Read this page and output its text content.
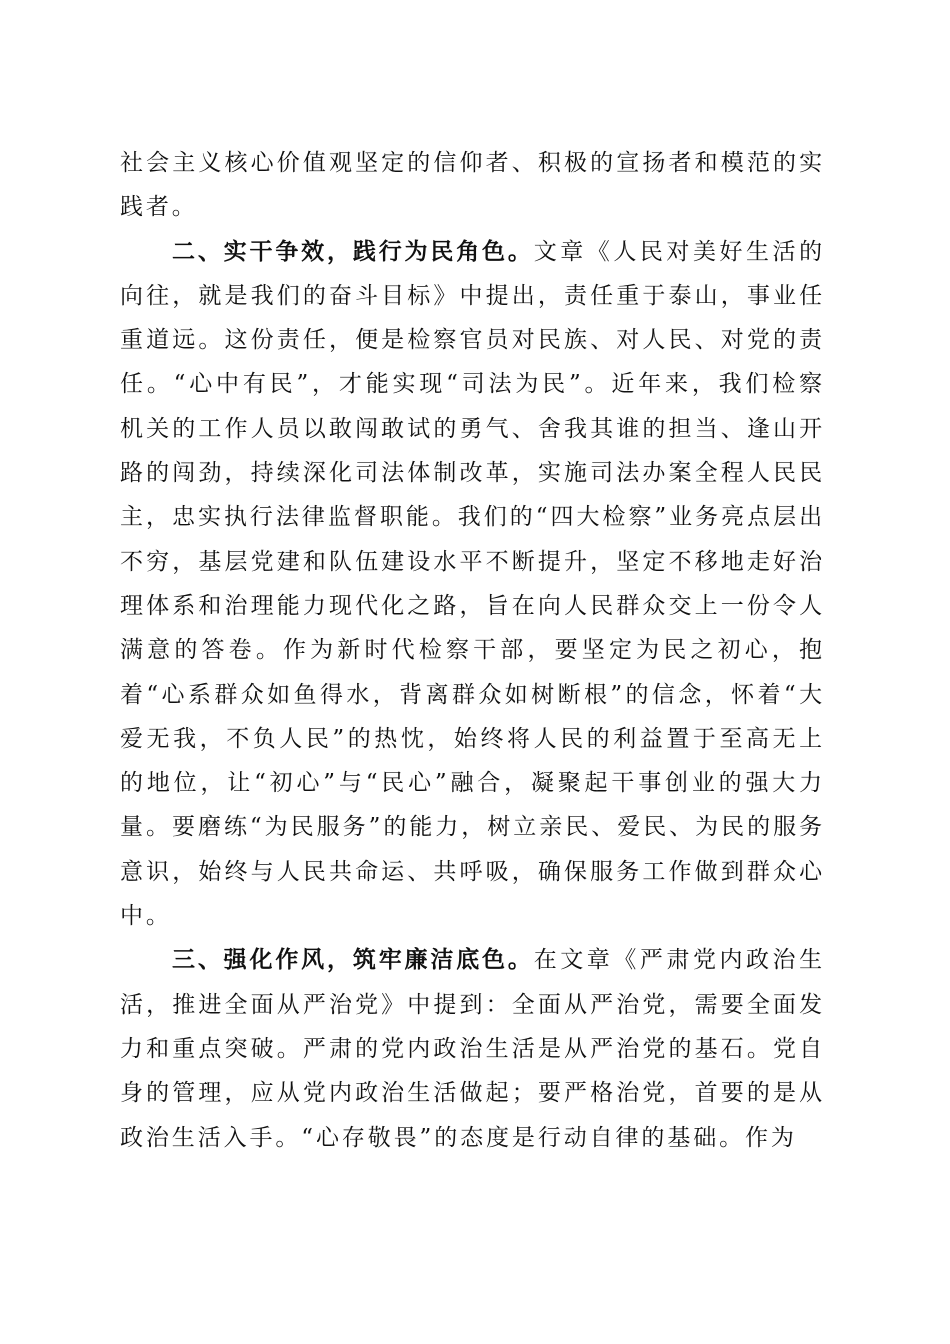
社会主义核心价值观坚定的信仰者、积极的宣扬者和模范的实践者。

二、实干争效，践行为民角色。文章《人民对美好生活的向往，就是我们的奋斗目标》中提出，责任重于泰山，事业任重道远。这份责任，便是检察官员对民族、对人民、对党的责任。“心中有民”，才能实现“司法为民”。近年来，我们检察机关的工作人员以敢闯敢试的勇气、舍我其谁的担当、逢山开路的闯劲，持续深化司法体制改革，实施司法办案全程人民民主，忠实执行法律监督职能。我们的“四大检察”业务亮点层出不穷，基层党建和队伍建设水平不断提升，坚定不移地走好治理体系和治理能力现代化之路，旨在向人民群众交上一份令人满意的答卷。作为新时代检察干部，要坚定为民之初心，抱着“心系群众如鱼得水，背离群众如树断根”的信念，怀着“大爱无我，不负人民”的热忱，始终将人民的利益置于至高无上的地位，让“初心”与“民心”融合，凝聚起干事创业的强大力量。要磨练“为民服务”的能力，树立亲民、爱民、为民的服务意识，始终与人民共命运、共呼吸，确保服务工作做到群众心中。

三、强化作风，筑牢廉洁底色。在文章《严肃党内政治生活，推进全面从严治党》中提到：全面从严治党，需要全面发力和重点突破。严肃的党内政治生活是从严治党的基石。党自身的管理，应从党内政治生活做起；要严格治党，首要的是从政治生活入手。“心存敬畏”的态度是行动自律的基础。作为
